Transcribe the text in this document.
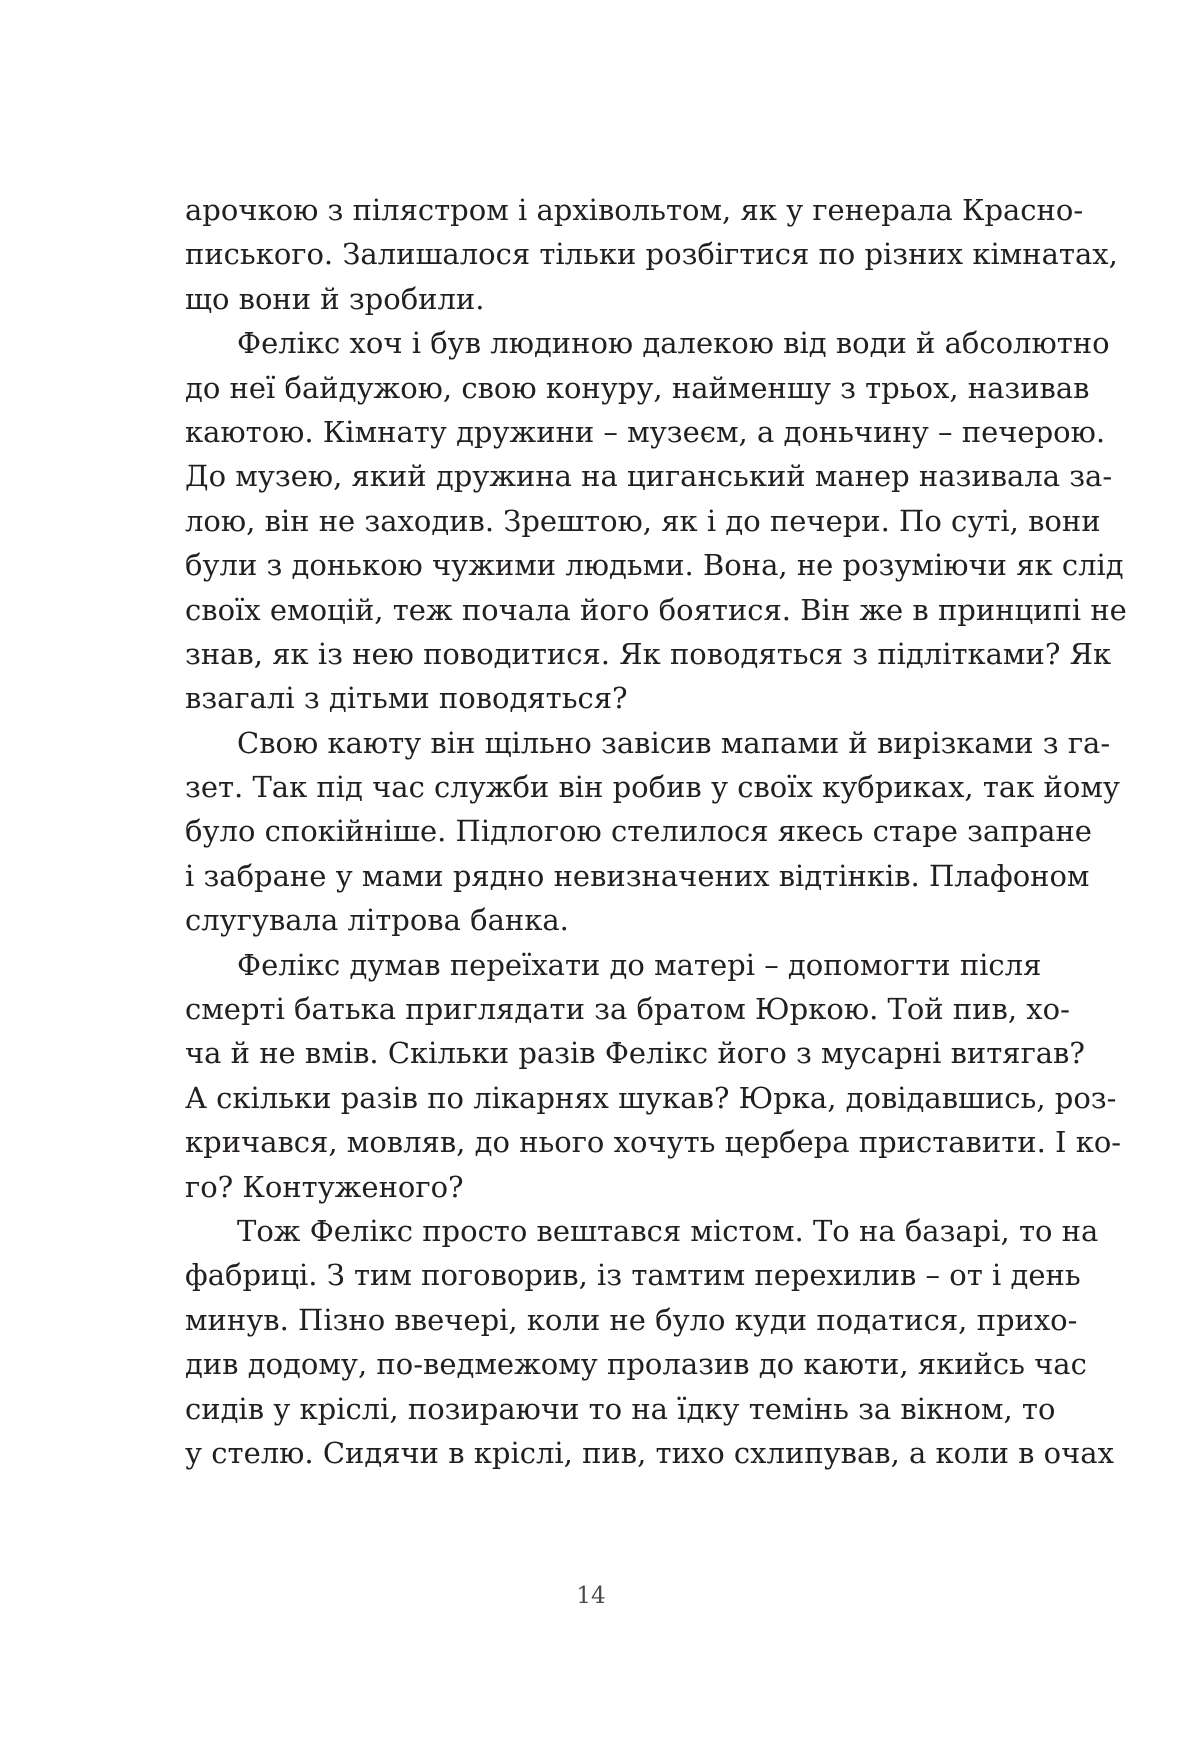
арочкою з пілястром і архівольтом, як у генерала Красно-
писького. Залишалося тільки розбігтися по різних кімнатах,
що вони й зробили.
Фелікс хоч і був людиною далекою від води й абсолютно
до неї байдужою, свою конуру, найменшу з трьох, називав
каютою. Кімнату дружини – музеєм, а доньчину – печерою.
До музею, який дружина на циганський манер називала за-
лою, він не заходив. Зрештою, як і до печери. По суті, вони
були з донькою чужими людьми. Вона, не розуміючи як слід
своїх емоцій, теж почала його боятися. Він же в принципі не
знав, як із нею поводитися. Як поводяться з підлітками? Як
взагалі з дітьми поводяться?
Свою каюту він щільно завісив мапами й вирізками з га-
зет. Так під час служби він робив у своїх кубриках, так йому
було спокійніше. Підлогою стелилося якесь старе запране
і забране у мами рядно невизначених відтінків. Плафоном
слугувала літрова банка.
Фелікс думав переїхати до матері – допомогти після
смерті батька приглядати за братом Юркою. Той пив, хо-
ча й не вмів. Скільки разів Фелікс його з мусарні витягав?
А скільки разів по лікарнях шукав? Юрка, довідавшись, роз-
кричався, мовляв, до нього хочуть цербера приставити. І ко-
го? Контуженого?
Тож Фелікс просто вештався містом. То на базарі, то на
фабриці. З тим поговорив, із тамтим перехилив – от і день
минув. Пізно ввечері, коли не було куди податися, прихо-
див додому, по-ведмежому пролазив до каюти, якийсь час
сидів у кріслі, позираючи то на їдку темінь за вікном, то
у стелю. Сидячи в кріслі, пив, тихо схлипував, а коли в очах
14
